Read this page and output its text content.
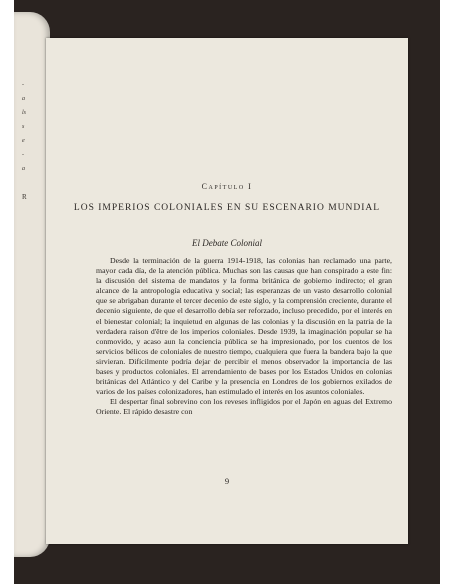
-
a
ls
s
e
-
a
R
Capítulo I
LOS IMPERIOS COLONIALES EN SU ESCENARIO MUNDIAL
El Debate Colonial

Desde la terminación de la guerra 1914-1918, las colonias han reclamado una parte, mayor cada día, de la atención pública. Muchas son las causas que han conspirado a este fin: la discusión del sistema de mandatos y la forma británica de gobierno indirecto; el gran alcance de la antropología educativa y social; las esperanzas de un vasto desarrollo colonial que se abrigaban durante el tercer decenio de este siglo, y la comprensión creciente, durante el decenio siguiente, de que el desarrollo debía ser reforzado, incluso precedido, por el interés en el bienestar colonial; la inquietud en algunas de las colonias y la discusión en la patria de la verdadera raison d'être de los imperios coloniales. Desde 1939, la imaginación popular se ha conmovido, y acaso aun la conciencia pública se ha impresionado, por los cuentos de los servicios bélicos de coloniales de nuestro tiempo, cualquiera que fuera la bandera bajo la que sirvieran. Difícilmente podría dejar de percibir el menos observador la importancia de las bases y productos coloniales. El arrendamiento de bases por los Estados Unidos en colonias británicas del Atlántico y del Caribe y la presencia en Londres de los gobiernos exilados de varios de los países colonizadores, han estimulado el interés en los asuntos coloniales.

El despertar final sobrevino con los reveses infligidos por el Japón en aguas del Extremo Oriente. El rápido desastre con

9
